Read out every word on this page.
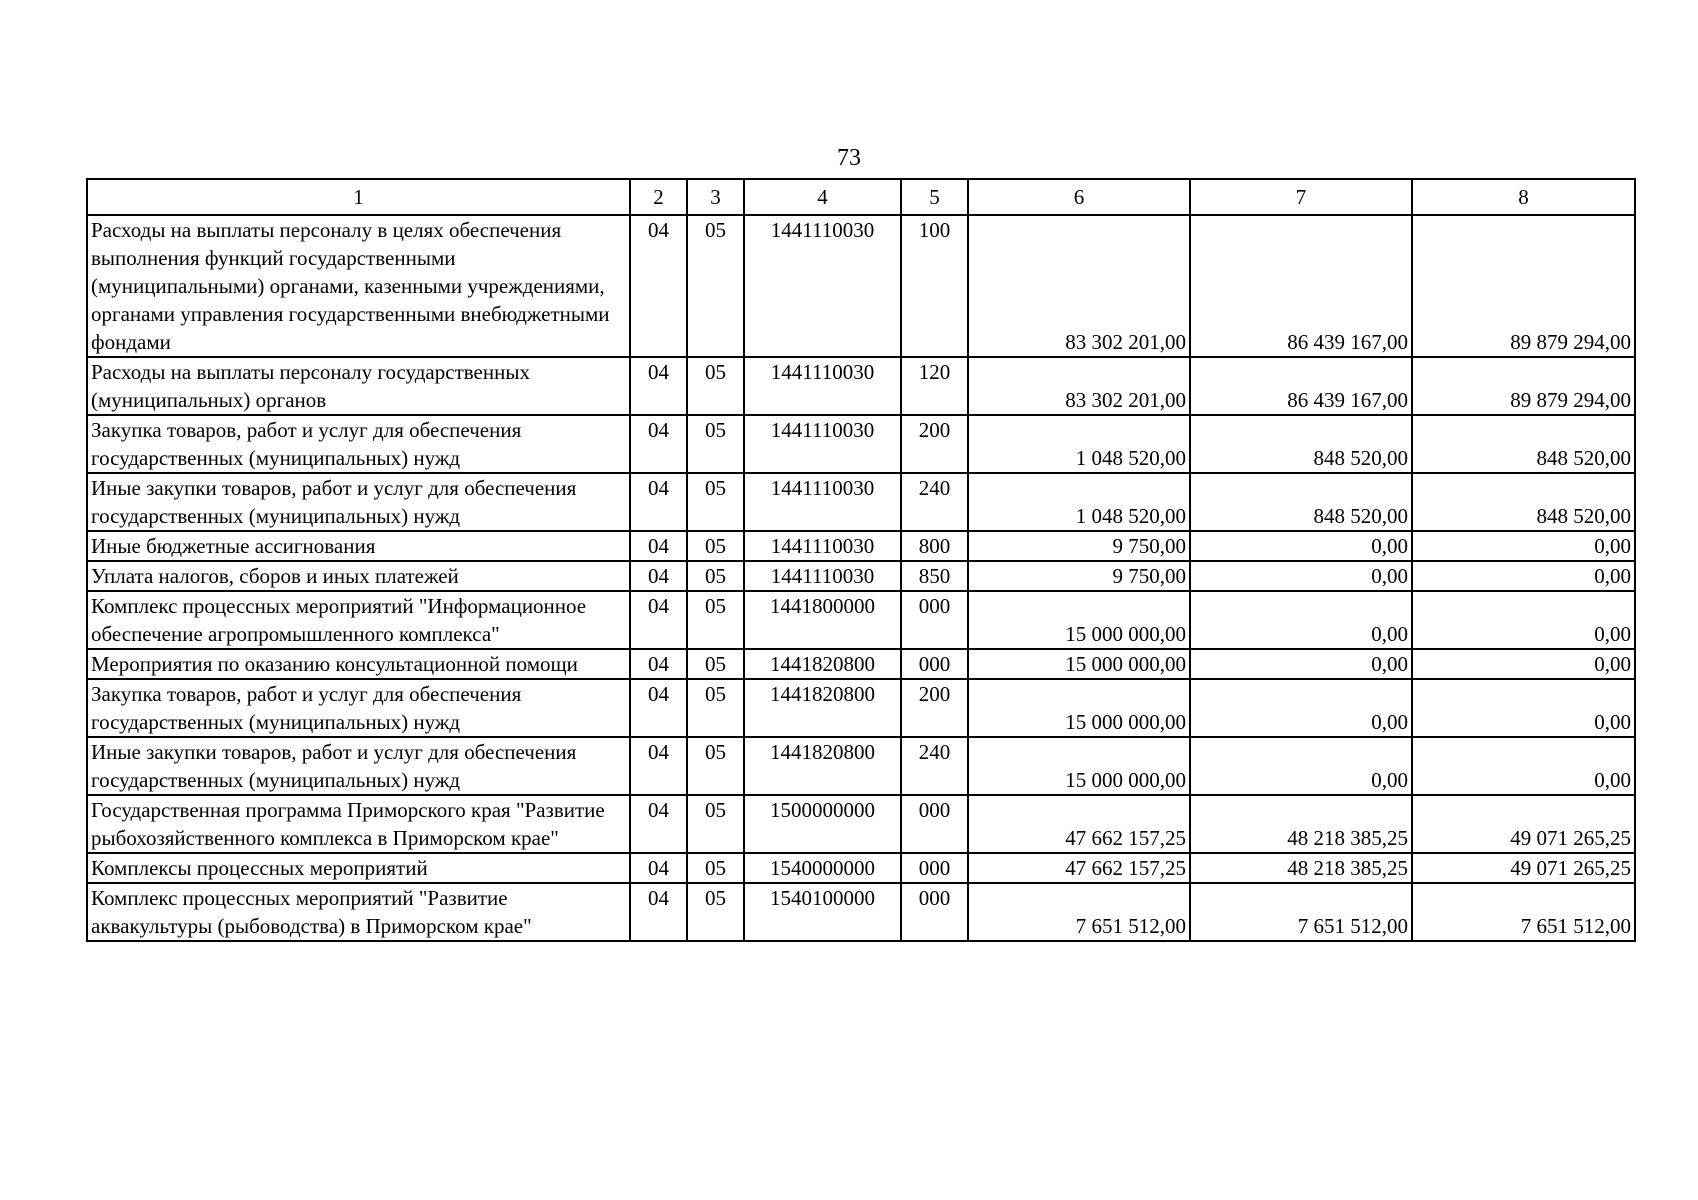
73
1	2	3	4	5	6	7	8
Расходы на выплаты персоналу в целях обеспечения выполнения функций государственными (муниципальными) органами, казенными учреждениями, органами управления государственными внебюджетными фондами	04	05	1441110030	100	83 302 201,00	86 439 167,00	89 879 294,00
Расходы на выплаты персоналу государственных (муниципальных) органов	04	05	1441110030	120	83 302 201,00	86 439 167,00	89 879 294,00
Закупка товаров, работ и услуг для обеспечения государственных (муниципальных) нужд	04	05	1441110030	200	1 048 520,00	848 520,00	848 520,00
Иные закупки товаров, работ и услуг для обеспечения государственных (муниципальных) нужд	04	05	1441110030	240	1 048 520,00	848 520,00	848 520,00
Иные бюджетные ассигнования	04	05	1441110030	800	9 750,00	0,00	0,00
Уплата налогов, сборов и иных платежей	04	05	1441110030	850	9 750,00	0,00	0,00
Комплекс процессных мероприятий "Информационное обеспечение агропромышленного комплекса"	04	05	1441800000	000	15 000 000,00	0,00	0,00
Мероприятия по оказанию консультационной помощи	04	05	1441820800	000	15 000 000,00	0,00	0,00
Закупка товаров, работ и услуг для обеспечения государственных (муниципальных) нужд	04	05	1441820800	200	15 000 000,00	0,00	0,00
Иные закупки товаров, работ и услуг для обеспечения государственных (муниципальных) нужд	04	05	1441820800	240	15 000 000,00	0,00	0,00
Государственная программа Приморского края "Развитие рыбохозяйственного комплекса в Приморском крае"	04	05	1500000000	000	47 662 157,25	48 218 385,25	49 071 265,25
Комплексы процессных мероприятий	04	05	1540000000	000	47 662 157,25	48 218 385,25	49 071 265,25
Комплекс процессных мероприятий "Развитие аквакультуры (рыбоводства) в Приморском крае"	04	05	1540100000	000	7 651 512,00	7 651 512,00	7 651 512,00
